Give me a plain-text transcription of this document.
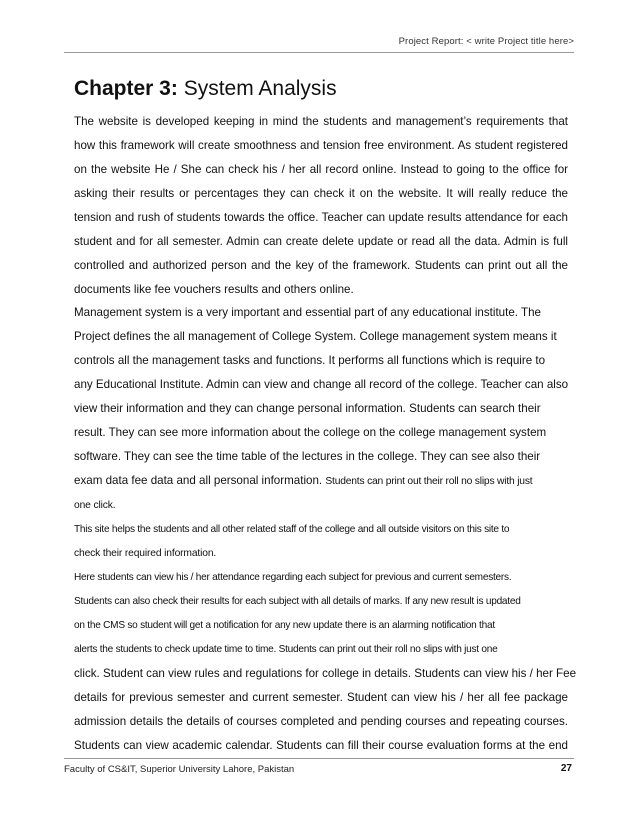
Project Report: < write Project title here>
Chapter 3: System Analysis
The website is developed keeping in mind the students and management’s requirements that
how this framework will create smoothness and tension free environment. As student registered
on the website He / She can check his / her all record online. Instead to going to the office for
asking their results or percentages they can check it on the website. It will really reduce the
tension and rush of students towards the office. Teacher can update results attendance for each
student and for all semester. Admin can create delete update or read all the data. Admin is full
controlled and authorized person and the key of the framework. Students can print out all the
documents like fee vouchers results and others online.
Management system is a very important and essential part of any educational institute. The
Project defines the all management of College System. College management system means it
controls all the management tasks and functions. It performs all functions which is require to
any Educational Institute. Admin can view and change all record of the college. Teacher can also
view their information and they can change personal information. Students can search their
result. They can see more information about the college on the college management system
software. They can see the time table of the lectures in the college. They can see also their
exam data fee data and all personal information. Students can print out their roll no slips with just
one click.
This site helps the students and all other related staff of the college and all outside visitors on this site to
check their required information.
Here students can view his / her attendance regarding each subject for previous and current semesters.
Students can also check their results for each subject with all details of marks. If any new result is updated
on the CMS so student will get a notification for any new update there is an alarming notification that
alerts the students to check update time to time. Students can print out their roll no slips with just one
click. Student can view rules and regulations for college in details. Students can view his / her Fee
details for previous semester and current semester. Student can view his / her all fee package
admission details the details of courses completed and pending courses and repeating courses.
Students can view academic calendar. Students can fill their course evaluation forms at the end
Faculty of CS&IT, Superior University Lahore, Pakistan	27
